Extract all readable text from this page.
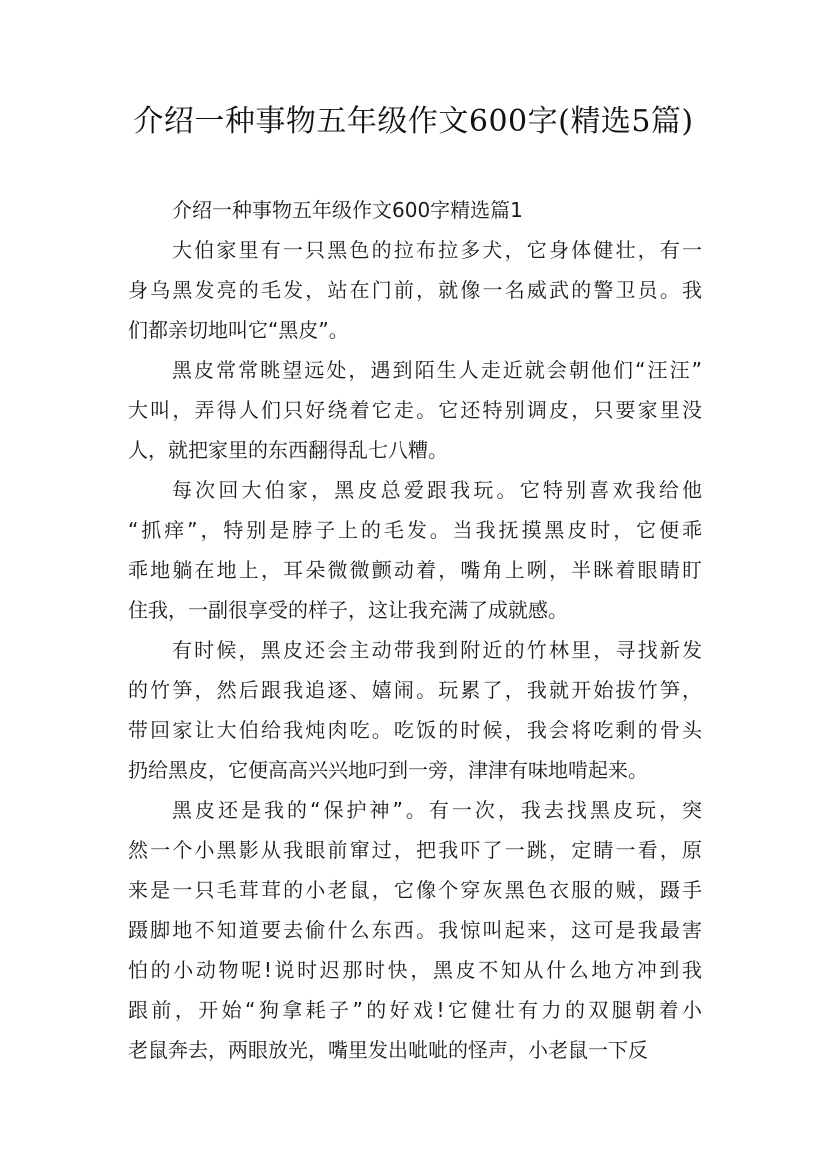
介绍一种事物五年级作文600字(精选5篇)
介绍一种事物五年级作文600字精选篇1
大伯家里有一只黑色的拉布拉多犬，它身体健壮，有一
身乌黑发亮的毛发，站在门前，就像一名威武的警卫员。我
们都亲切地叫它“黑皮”。
黑皮常常眺望远处，遇到陌生人走近就会朝他们“汪汪”
大叫，弄得人们只好绕着它走。它还特别调皮，只要家里没
人，就把家里的东西翻得乱七八糟。
每次回大伯家，黑皮总爱跟我玩。它特别喜欢我给他
“抓痒”，特别是脖子上的毛发。当我抚摸黑皮时，它便乖
乖地躺在地上，耳朵微微颤动着，嘴角上咧，半眯着眼睛盯
住我，一副很享受的样子，这让我充满了成就感。
有时候，黑皮还会主动带我到附近的竹林里，寻找新发
的竹笋，然后跟我追逐、嬉闹。玩累了，我就开始拔竹笋，
带回家让大伯给我炖肉吃。吃饭的时候，我会将吃剩的骨头
扔给黑皮，它便高高兴兴地叼到一旁，津津有味地啃起来。
黑皮还是我的“保护神”。有一次，我去找黑皮玩，突
然一个小黑影从我眼前窜过，把我吓了一跳，定睛一看，原
来是一只毛茸茸的小老鼠，它像个穿灰黑色衣服的贼，蹑手
蹑脚地不知道要去偷什么东西。我惊叫起来，这可是我最害
怕的小动物呢!说时迟那时快，黑皮不知从什么地方冲到我
跟前，开始“狗拿耗子”的好戏!它健壮有力的双腿朝着小
老鼠奔去，两眼放光，嘴里发出呲呲的怪声，小老鼠一下反
